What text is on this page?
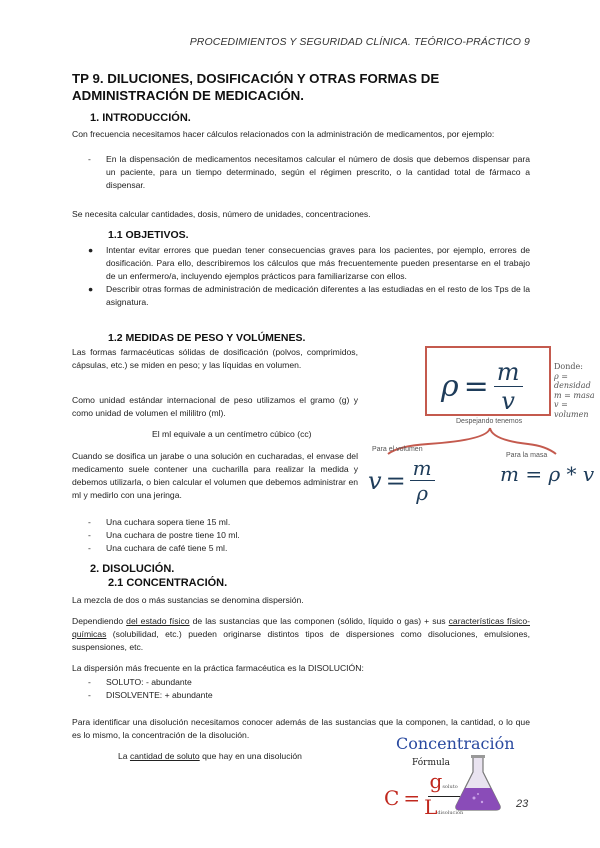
PROCEDIMIENTOS Y SEGURIDAD CLÍNICA. TEÓRICO-PRÁCTICO 9
TP 9. DILUCIONES, DOSIFICACIÓN Y OTRAS FORMAS DE ADMINISTRACIÓN DE MEDICACIÓN.
1. INTRODUCCIÓN.
Con frecuencia necesitamos hacer cálculos relacionados con la administración de medicamentos, por ejemplo:
- En la dispensación de medicamentos necesitamos calcular el número de dosis que debemos dispensar para un paciente, para un tiempo determinado, según el régimen prescrito, o la cantidad total de fármaco a dispensar.
Se necesita calcular cantidades, dosis, número de unidades, concentraciones.
1.1 OBJETIVOS.
● Intentar evitar errores que puedan tener consecuencias graves para los pacientes, por ejemplo, errores de dosificación. Para ello, describiremos los cálculos que más frecuentemente pueden presentarse en el trabajo de un enfermero/a, incluyendo ejemplos prácticos para familiarizarse con ellos.
● Describir otras formas de administración de medicación diferentes a las estudiadas en el resto de los Tps de la asignatura.
1.2 MEDIDAS DE PESO Y VOLÚMENES.
Las formas farmacéuticas sólidas de dosificación (polvos, comprimidos, cápsulas, etc.) se miden en peso; y las líquidas en volumen.
Como unidad estándar internacional de peso utilizamos el gramo (g) y como unidad de volumen el mililitro (ml).
El ml equivale a un centímetro cúbico (cc)
Cuando se dosifica un jarabe o una solución en cucharadas, el envase del medicamento suele contener una cucharilla para realizar la medida y debemos utilizarla, o bien calcular el volumen que debemos administrar en ml y medirlo con una jeringa.
- Una cuchara sopera tiene 15 ml.
- Una cuchara de postre tiene 10 ml.
- Una cuchara de café tiene 5 ml.
$\rho = \frac{m}{v}$	Donde:
ρ = densidad
m = masa
v = volumen
Despejando tenemos
Para el volumen
Para la masa
$v = \frac{m}{\rho}$	m = ρ * v
2. DISOLUCIÓN.
2.1 CONCENTRACIÓN.
La mezcla de dos o más sustancias se denomina dispersión.
Dependiendo del estado físico de las sustancias que las componen (sólido, líquido o gas) + sus características físico-químicas (solubilidad, etc.) pueden originarse distintos tipos de dispersiones como disoluciones, emulsiones, suspensiones, etc.
La dispersión más frecuente en la práctica farmacéutica es la DISOLUCIÓN:
- SOLUTO: - abundante
- DISOLVENTE: + abundante
Para identificar una disolución necesitamos conocer además de las sustancias que la componen, la cantidad, o lo que es lo mismo, la concentración de la disolución.
La cantidad de soluto que hay en una disolución
Concentración
Fórmula
$C = \frac{\text{gsoluto}}{\text{Ldisolución}}$	23
